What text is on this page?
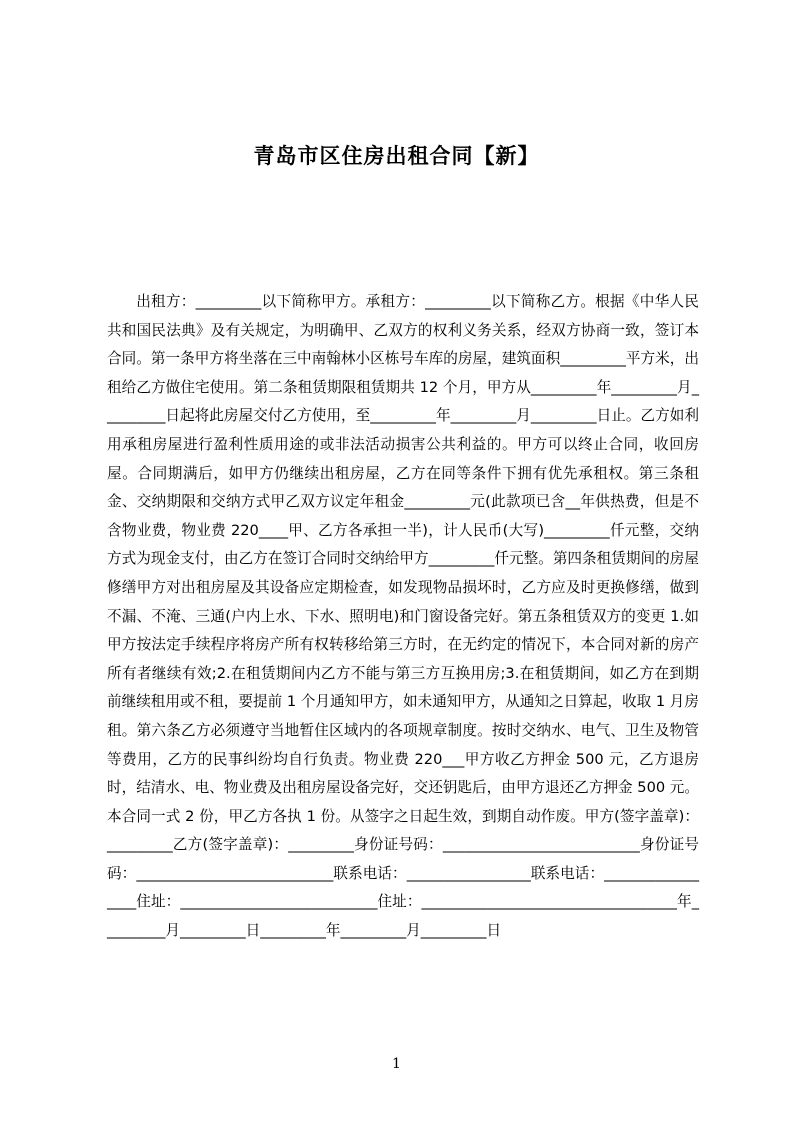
青岛市区住房出租合同【新】

出租方：_________以下简称甲方。承租方：_________以下简称乙方。根据《中华人民共和国民法典》及有关规定，为明确甲、乙双方的权利义务关系，经双方协商一致，签订本合同。第一条甲方将坐落在三中南翰林小区栋号车库的房屋，建筑面积_________平方米，出租给乙方做住宅使用。第二条租赁期限租赁期共 12 个月，甲方从_________年_________月_________日起将此房屋交付乙方使用，至_________年_________月_________日止。乙方如利用承租房屋进行盈利性质用途的或非法活动损害公共利益的。甲方可以终止合同，收回房屋。合同期满后，如甲方仍继续出租房屋，乙方在同等条件下拥有优先承租权。第三条租金、交纳期限和交纳方式甲乙双方议定年租金_________元(此款项已含__年供热费，但是不含物业费，物业费 220____甲、乙方各承担一半)，计人民币(大写)_________仟元整，交纳方式为现金支付，由乙方在签订合同时交纳给甲方_________仟元整。第四条租赁期间的房屋修缮甲方对出租房屋及其设备应定期检查，如发现物品损坏时，乙方应及时更换修缮，做到不漏、不淹、三通(户内上水、下水、照明电)和门窗设备完好。第五条租赁双方的变更 1.如甲方按法定手续程序将房产所有权转移给第三方时，在无约定的情况下，本合同对新的房产所有者继续有效;2.在租赁期间内乙方不能与第三方互换用房;3.在租赁期间，如乙方在到期前继续租用或不租，要提前 1 个月通知甲方，如未通知甲方，从通知之日算起，收取 1 月房租。第六条乙方必须遵守当地暂住区域内的各项规章制度。按时交纳水、电气、卫生及物管等费用，乙方的民事纠纷均自行负责。物业费 220___甲方收乙方押金 500 元，乙方退房时，结清水、电、物业费及出租房屋设备完好，交还钥匙后，由甲方退还乙方押金 500 元。本合同一式 2 份，甲乙方各执 1 份。从签字之日起生效，到期自动作废。甲方(签字盖章)：_________乙方(签字盖章)：_________身份证号码：___________________________身份证号码：___________________________联系电话：_________________联系电话：_________________住址：___________________________住址：___________________________________年_________月_________日_________年_________月_________日

1
